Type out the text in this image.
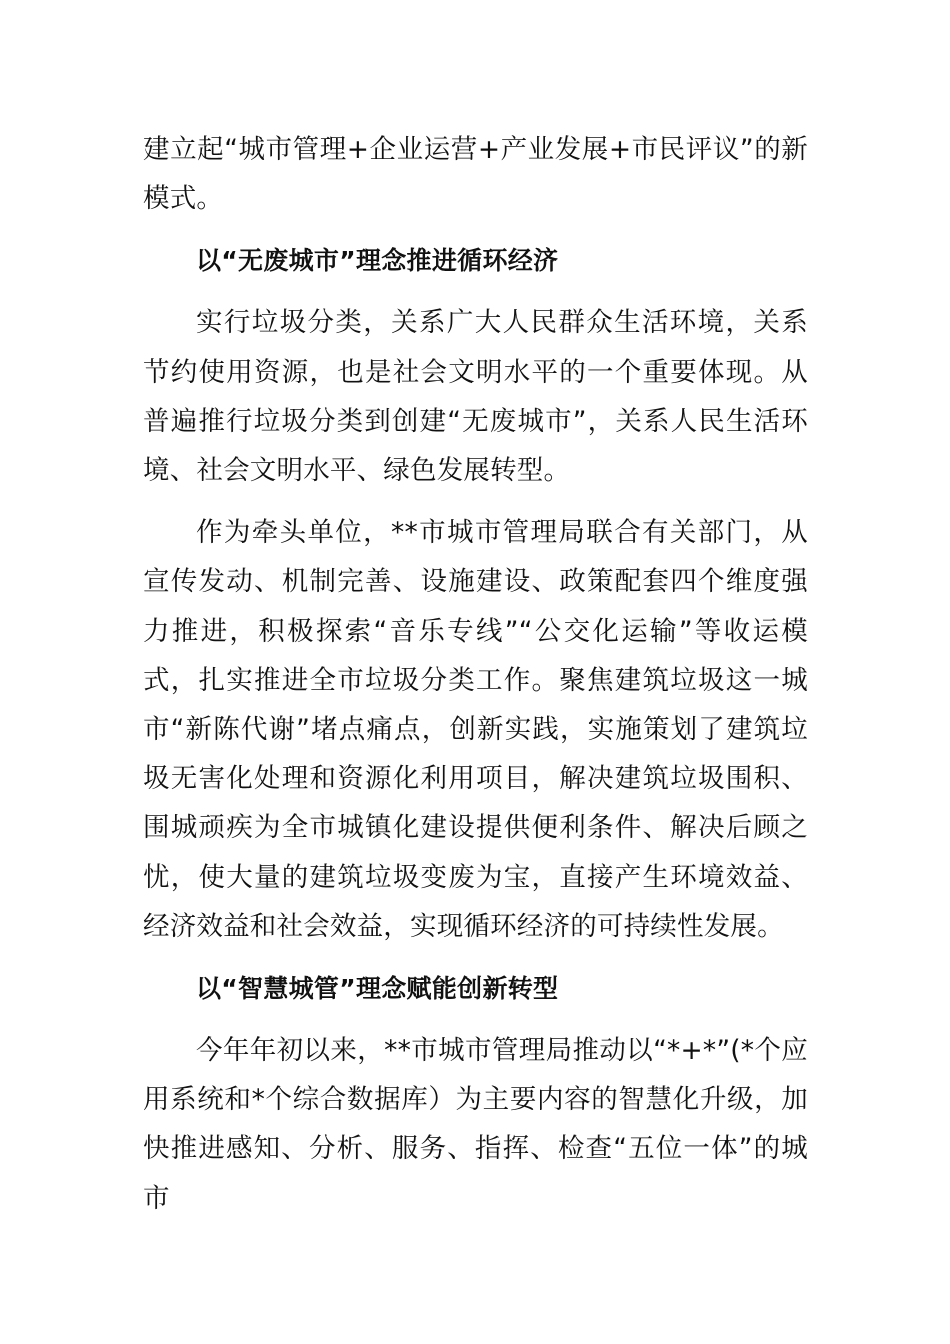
建立起“城市管理+企业运营+产业发展+市民评议”的新模式。

以“无废城市”理念推进循环经济

实行垃圾分类，关系广大人民群众生活环境，关系节约使用资源，也是社会文明水平的一个重要体现。从普遍推行垃圾分类到创建“无废城市”，关系人民生活环境、社会文明水平、绿色发展转型。

作为牵头单位，**市城市管理局联合有关部门，从宣传发动、机制完善、设施建设、政策配套四个维度强力推进，积极探索“音乐专线”“公交化运输”等收运模式，扎实推进全市垃圾分类工作。聚焦建筑垃圾这一城市“新陈代谢”堵点痛点，创新实践，实施策划了建筑垃圾无害化处理和资源化利用项目，解决建筑垃圾围积、围城顽疾为全市城镇化建设提供便利条件、解决后顾之忧，使大量的建筑垃圾变废为宝，直接产生环境效益、经济效益和社会效益，实现循环经济的可持续性发展。

以“智慧城管”理念赋能创新转型

今年年初以来，**市城市管理局推动以“*+*”(*个应用系统和*个综合数据库）为主要内容的智慧化升级，加快推进感知、分析、服务、指挥、检查“五位一体”的城市
